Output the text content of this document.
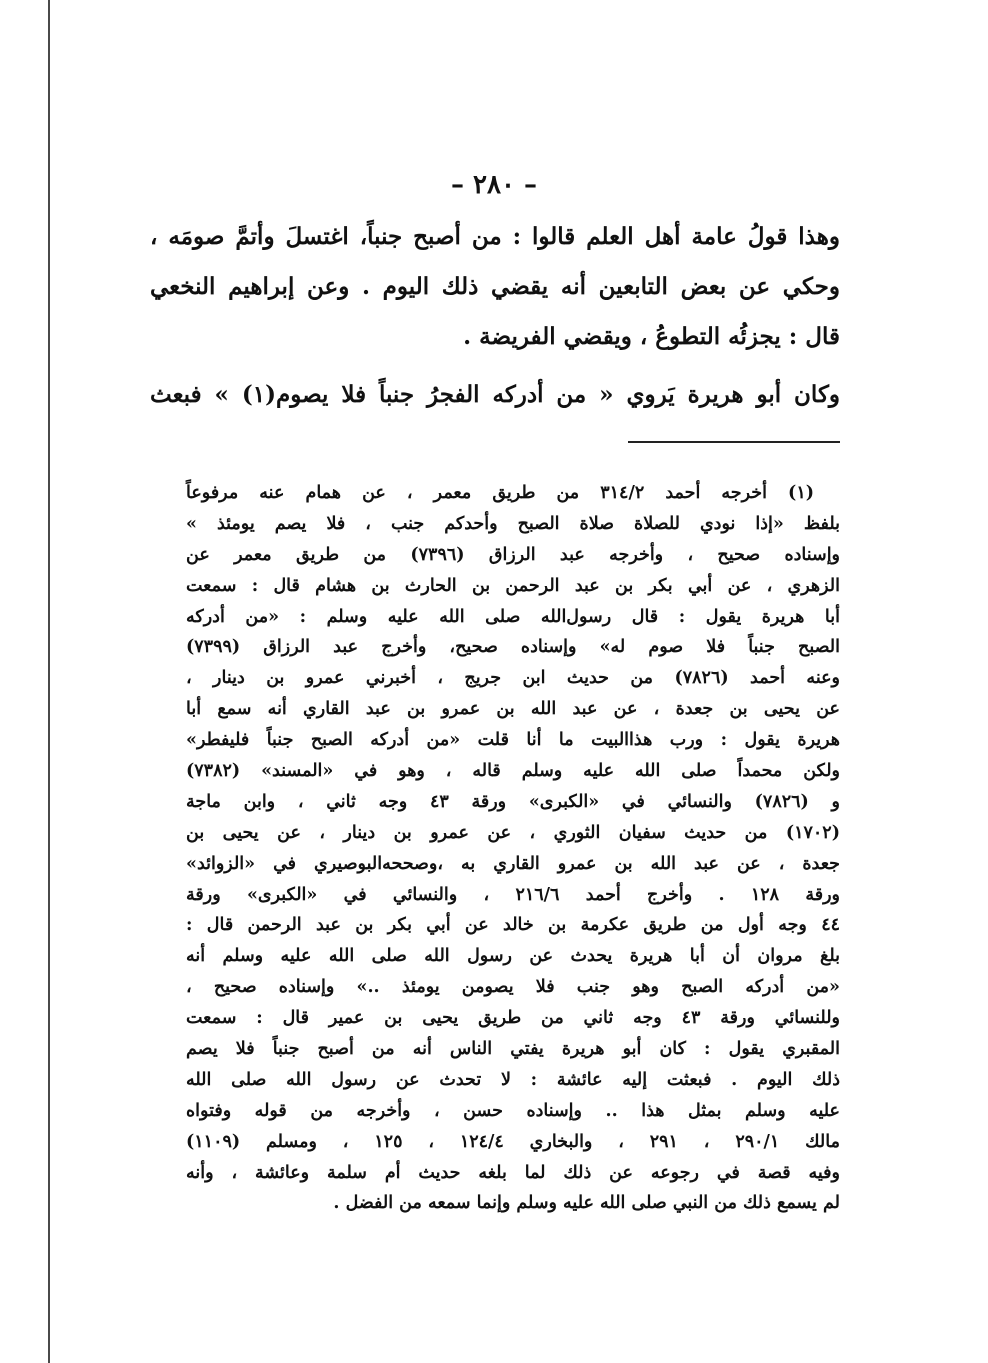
– ٢٨٠ –
وهذا قولُ عامة أهل العلم قالوا : من أصبح جنباً، اغتسلَ وأتمَّ صومَه ،
وحكي عن بعض التابعين أنه يقضي ذلك اليوم . وعن إبراهيم النخعي
قال : يجزئُه التطوعُ ، ويقضي الفريضة .
وكان أبو هريرة يَروي « من أدركه الفجرُ جنباً فلا يصوم(١) » فبعث
(١) أخرجه أحمد ٣١٤/٢ من طريق معمر ، عن همام عنه مرفوعاً
بلفظ «إذا نودي للصلاة صلاة الصبح وأحدكم جنب ، فلا يصم يومئذ »
وإسناده صحيح ، وأخرجه عبد الرزاق (٧٣٩٦) من طريق معمر عن
الزهري ، عن أبي بكر بن عبد الرحمن بن الحارث بن هشام قال : سمعت
أبا هريرة يقول : قال رسول‌الله صلى الله عليه وسلم : «من أدركه
الصبح جنباً فلا صوم له» وإسناده صحيح، وأخرج عبد الرزاق (٧٣٩٩)
وعنه أحمد (٧٨٢٦) من حديث ابن جريج ، أخبرني عمرو بن دينار ،
عن يحيى بن جعدة ، عن عبد الله بن عمرو بن عبد القاري أنه سمع أبا
هريرة يقول : ورب هذاالبيت ما أنا قلت «من أدركه الصبح جنباً فليفطر»
ولكن محمداً صلى الله عليه وسلم قاله ، وهو في «المسند» (٧٣٨٢)
و (٧٨٢٦) والنسائي في «الكبرى» ورقة ٤٣ وجه ثاني ، وابن ماجة
(١٧٠٢) من حديث سفيان الثوري ، عن عمرو بن دينار ، عن يحيى بن
جعدة ، عن عبد الله بن عمرو القاري به ،وصححه‌البوصيري في «الزوائد»
ورقة ١٢٨ . وأخرج أحمد ٢١٦/٦ ، والنسائي في «الكبرى» ورقة
٤٤ وجه أول من طريق عكرمة بن خالد عن أبي بكر بن عبد الرحمن قال :
بلغ مروان أن أبا هريرة يحدث عن رسول الله صلى الله عليه وسلم أنه
«من أدركه الصبح وهو جنب فلا يصومن يومئذ ..» وإسناده صحيح ،
وللنسائي ورقة ٤٣ وجه ثاني من طريق يحيى بن عمير قال : سمعت
المقبري يقول : كان أبو هريرة يفتي الناس أنه من أصبح جنباً فلا يصم
ذلك اليوم . فبعثت إليه عائشة : لا تحدث عن رسول الله صلى الله
عليه وسلم بمثل هذا .. وإسناده حسن ، وأخرجه من قوله وفتواه
مالك ٢٩٠/١ ، ٢٩١ ، والبخاري ١٢٤/٤ ، ١٢٥ ، ومسلم (١١٠٩)
وفيه قصة في رجوعه عن ذلك لما بلغه حديث أم سلمة وعائشة ، وأنه
لم يسمع ذلك من النبي صلى الله عليه وسلم وإنما سمعه من الفضل .
